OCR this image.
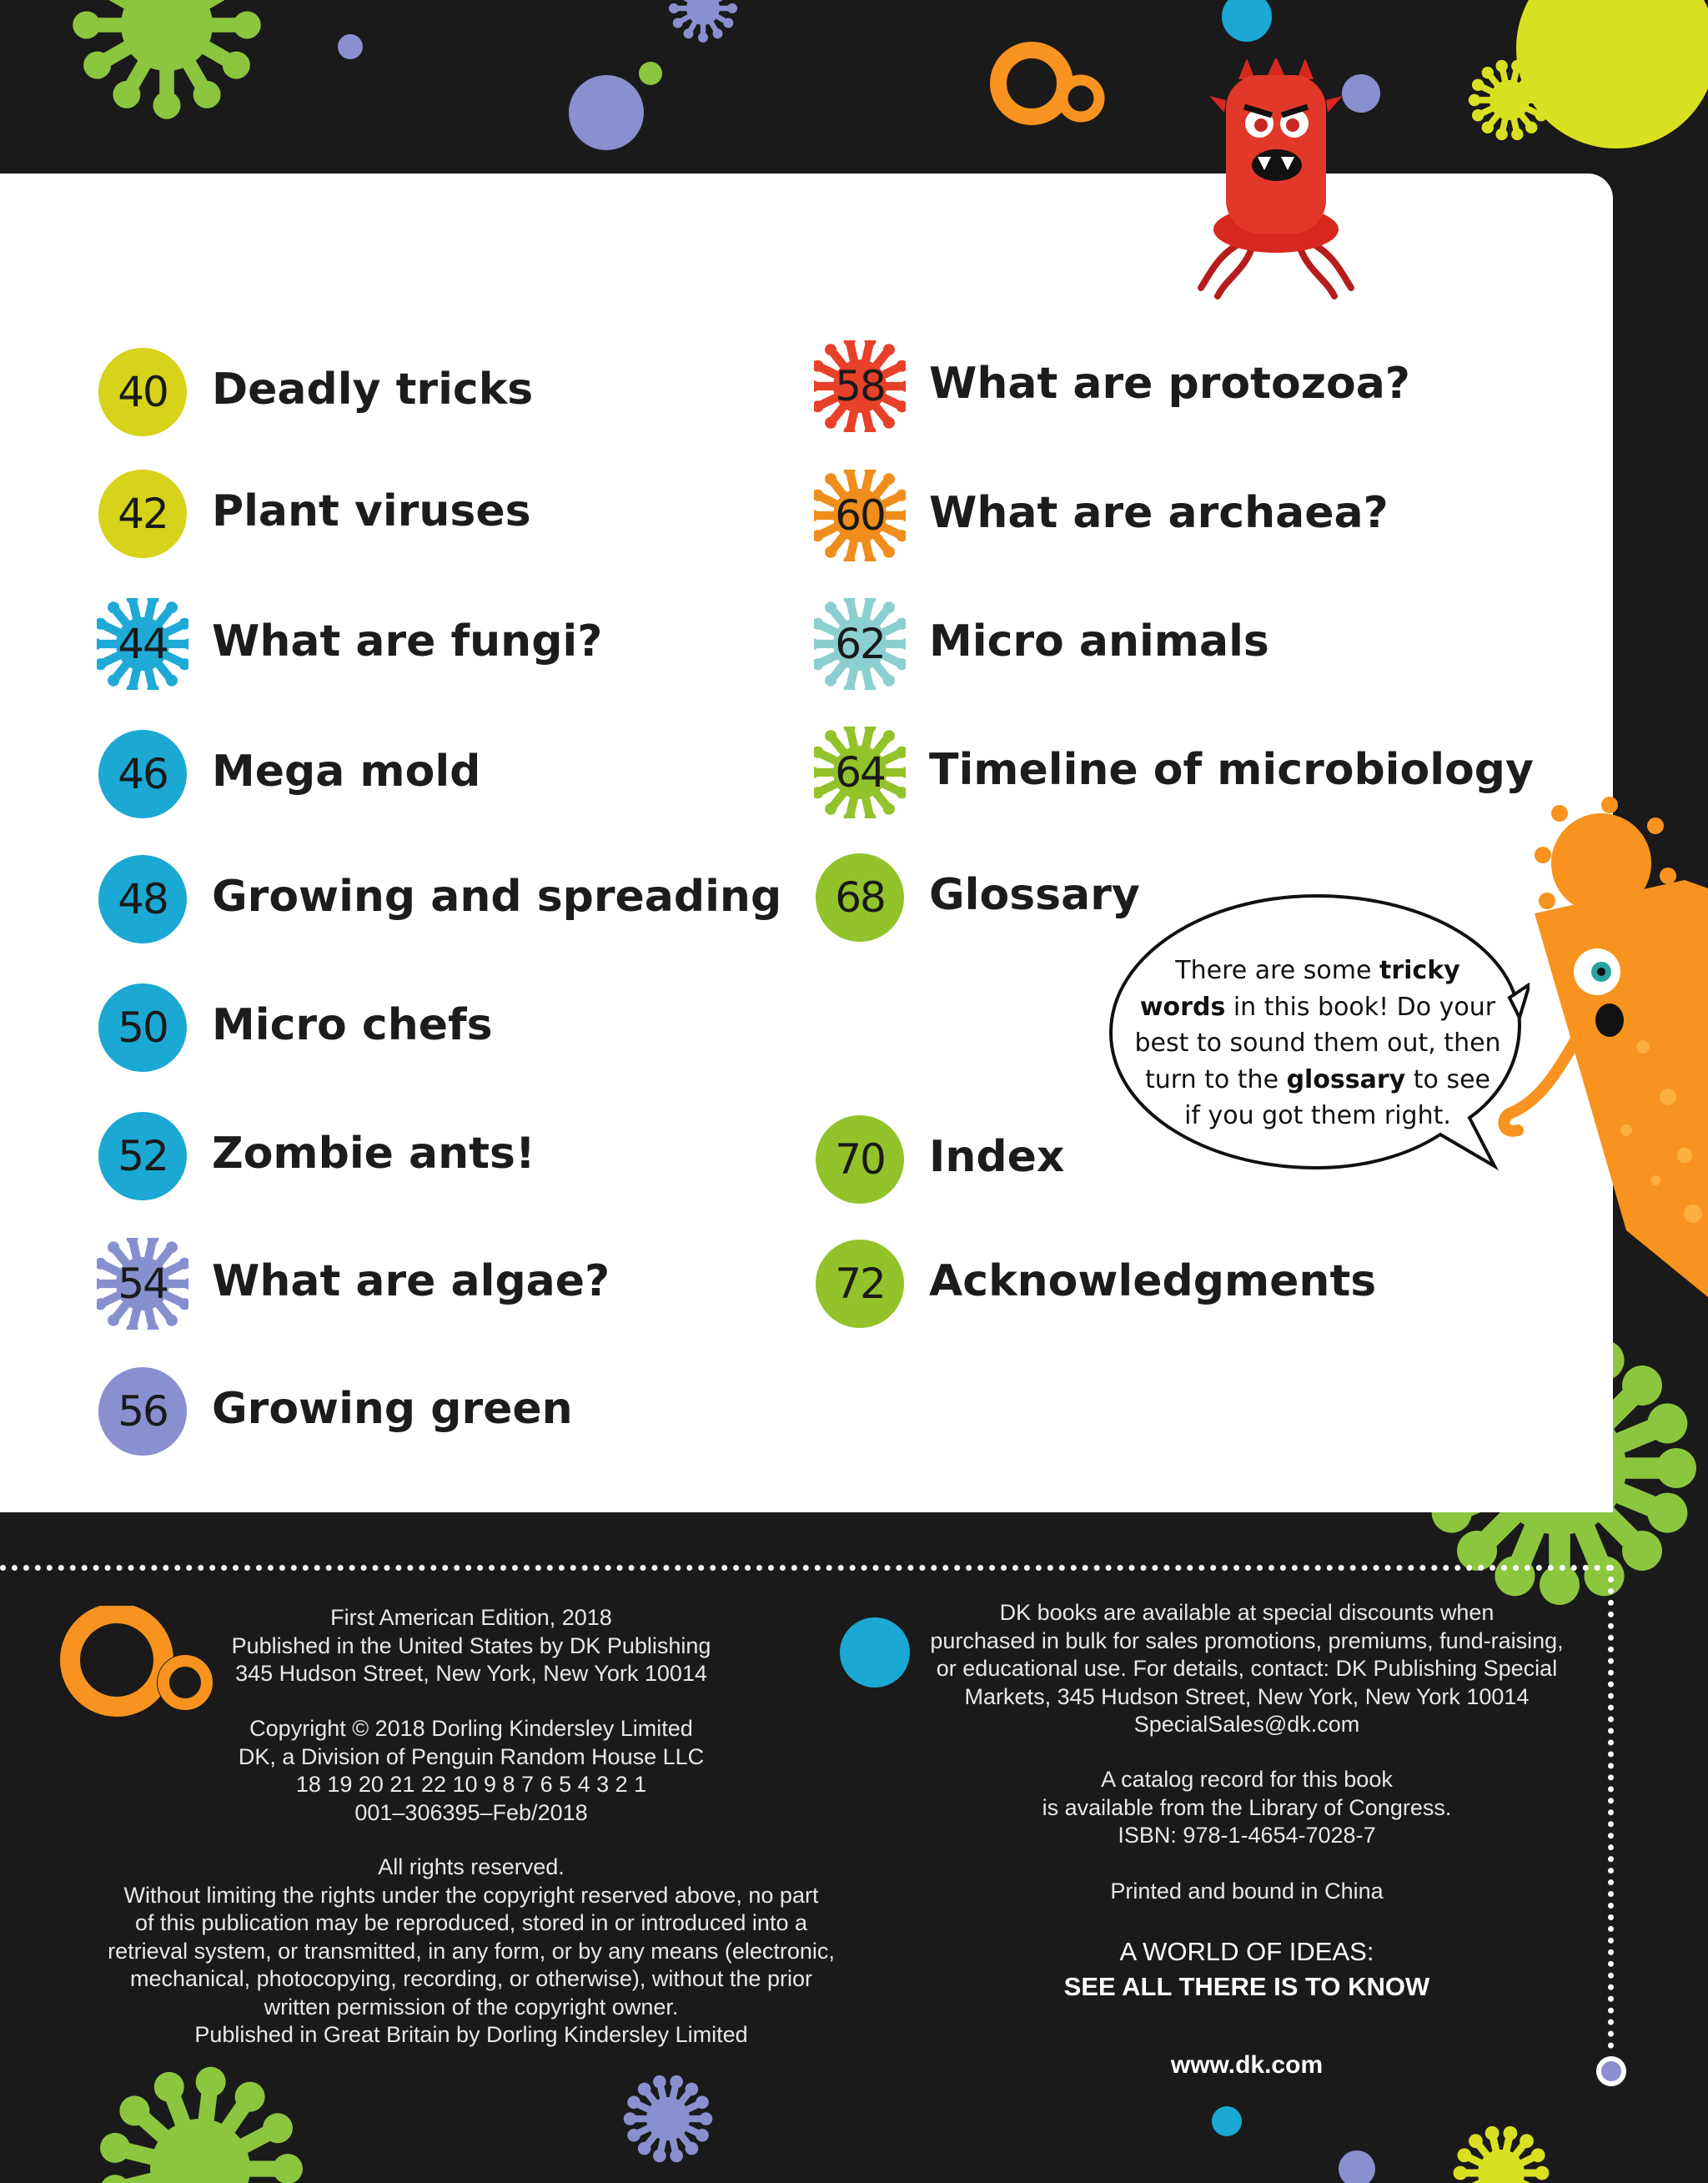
40 Deadly tricks
42 Plant viruses
44 What are fungi?
46 Mega mold
48 Growing and spreading
50 Micro chefs
52 Zombie ants!
54 What are algae?
56 Growing green
58 What are protozoa?
60 What are archaea?
62 Micro animals
64 Timeline of microbiology
68 Glossary
70 Index
72 Acknowledgments
There are some tricky
words in this book! Do your
best to sound them out, then
turn to the glossary to see
if you got them right.
First American Edition, 2018
Published in the United States by DK Publishing
345 Hudson Street, New York, New York 10014
Copyright © 2018 Dorling Kindersley Limited
DK, a Division of Penguin Random House LLC
18 19 20 21 22 10 9 8 7 6 5 4 3 2 1
001–306395–Feb/2018
All rights reserved.
Without limiting the rights under the copyright reserved above, no part
of this publication may be reproduced, stored in or introduced into a
retrieval system, or transmitted, in any form, or by any means (electronic,
mechanical, photocopying, recording, or otherwise), without the prior
written permission of the copyright owner.
Published in Great Britain by Dorling Kindersley Limited
DK books are available at special discounts when
purchased in bulk for sales promotions, premiums, fund-raising,
or educational use. For details, contact: DK Publishing Special
Markets, 345 Hudson Street, New York, New York 10014
SpecialSales@dk.com
A catalog record for this book
is available from the Library of Congress.
ISBN: 978-1-4654-7028-7
Printed and bound in China
A WORLD OF IDEAS:
SEE ALL THERE IS TO KNOW
www.dk.com
